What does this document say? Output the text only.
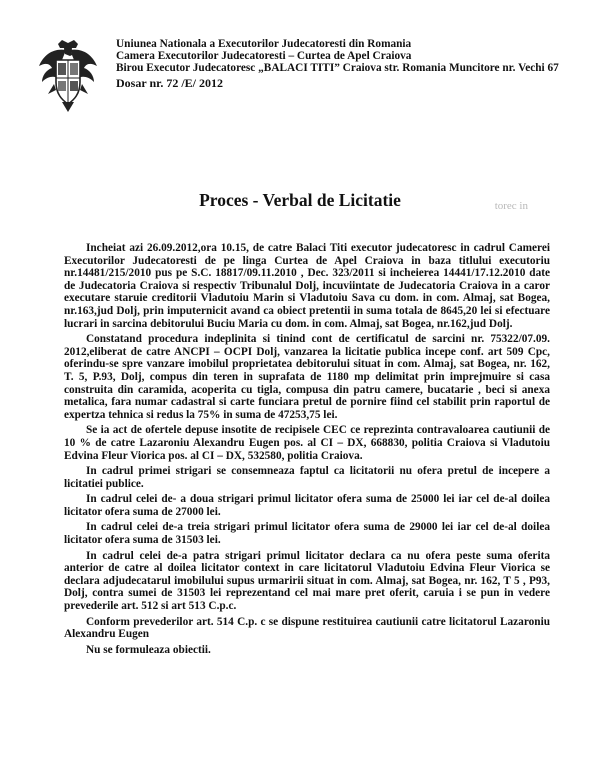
Uniunea Nationala a Executorilor Judecatoresti din Romania
Camera Executorilor Judecatoresti – Curtea de Apel Craiova
Birou Executor Judecatoresc „BALACI TITI” Craiova str. Romania Muncitore nr. Vechi 67
Dosar nr. 72 /E/ 2012
torec in
Proces - Verbal de Licitatie

Incheiat azi 26.09.2012,ora 10.15, de catre Balaci Titi executor judecatoresc in cadrul Camerei Executorilor Judecatoresti de pe linga Curtea de Apel Craiova in baza titlului executoriu nr.14481/215/2010 pus pe S.C. 18817/09.11.2010 , Dec. 323/2011 si incheierea 14441/17.12.2010 date de Judecatoria Craiova si respectiv Tribunalul Dolj, incuviintate de Judecatoria Craiova in a caror executare staruie creditorii Vladutoiu Marin si Vladutoiu Sava cu dom. in com. Almaj, sat Bogea, nr.163,jud Dolj, prin imputernicit avand ca obiect pretentii in suma totala de 8645,20 lei si efectuare lucrari in sarcina debitorului Buciu Maria cu dom. in com. Almaj, sat Bogea, nr.162,jud Dolj.

Constatand procedura indeplinita si tinind cont de certificatul de sarcini nr. 75322/07.09. 2012,eliberat de catre ANCPI – OCPI Dolj, vanzarea la licitatie publica incepe conf. art 509 Cpc, oferindu-se spre vanzare imobilul proprietatea debitorului situat in com. Almaj, sat Bogea, nr. 162, T. 5, P.93, Dolj, compus din teren in suprafata de 1180 mp delimitat prin imprejmuire si casa construita din caramida, acoperita cu tigla, compusa din patru camere, bucatarie , beci si anexa metalica, fara numar cadastral si carte funciara pretul de pornire fiind cel stabilit prin raportul de expertza tehnica si redus la 75% in suma de 47253,75 lei.

Se ia act de ofertele depuse insotite de recipisele CEC ce reprezinta contravaloarea cautiunii de 10 % de catre Lazaroniu Alexandru Eugen pos. al CI – DX, 668830, politia Craiova si Vladutoiu Edvina Fleur Viorica pos. al CI – DX, 532580, politia Craiova.

In cadrul primei strigari se consemneaza faptul ca licitatorii nu ofera pretul de incepere a licitatiei publice.

In cadrul celei de- a doua strigari primul licitator ofera suma de 25000 lei iar cel de-al doilea licitator ofera suma de 27000 lei.

In cadrul celei de-a treia strigari primul licitator ofera suma de 29000 lei iar cel de-al doilea licitator ofera suma de 31503 lei.

In cadrul celei de-a patra strigari primul licitator declara ca nu ofera peste suma oferita anterior de catre al doilea licitator context in care licitatorul Vladutoiu Edvina Fleur Viorica se declara adjudecatarul imobilului supus urmaririi situat in com. Almaj, sat Bogea, nr. 162, T 5 , P93, Dolj, contra sumei de 31503 lei reprezentand cel mai mare pret oferit, caruia i se pun in vedere prevederile art. 512 si art 513 C.p.c.

Conform prevederilor art. 514 C.p. c se dispune restituirea cautiunii catre licitatorul Lazaroniu Alexandru Eugen

Nu se formuleaza obiectii.
